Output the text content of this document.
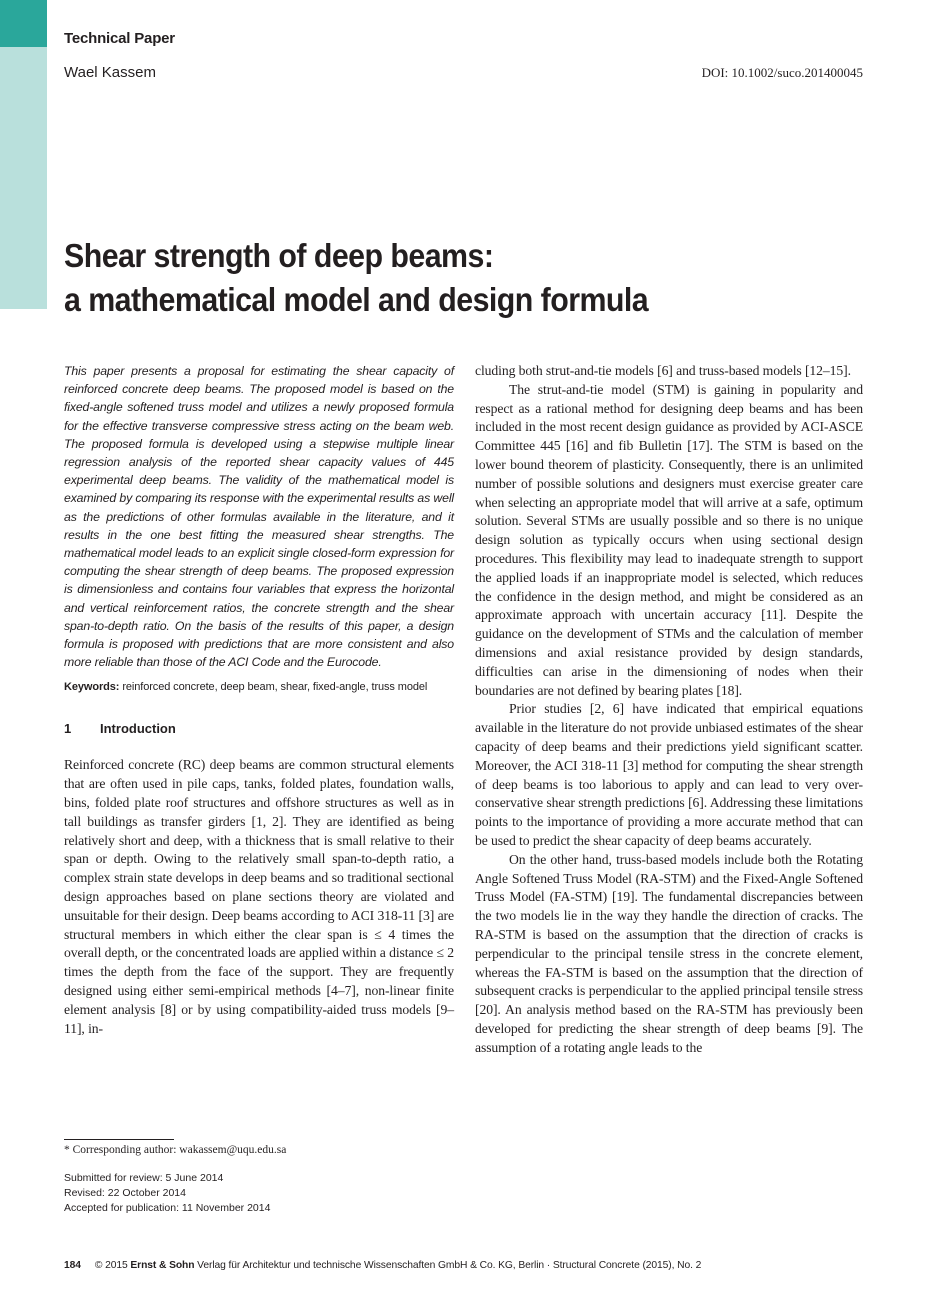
Technical Paper
Wael Kassem	DOI: 10.1002/suco.201400045
Shear strength of deep beams:
a mathematical model and design formula

This paper presents a proposal for estimating the shear capacity of reinforced concrete deep beams. The proposed model is based on the fixed-angle softened truss model and utilizes a newly proposed formula for the effective transverse compressive stress acting on the beam web. The proposed formula is developed using a stepwise multiple linear regression analysis of the reported shear capacity values of 445 experimental deep beams. The validity of the mathematical model is examined by comparing its response with the experimental results as well as the predictions of other formulas available in the literature, and it results in the one best fitting the measured shear strengths. The mathematical model leads to an explicit single closed-form expression for computing the shear strength of deep beams. The proposed expression is dimensionless and contains four variables that express the horizontal and vertical reinforcement ratios, the concrete strength and the shear span-to-depth ratio. On the basis of the results of this paper, a design formula is proposed with predictions that are more consistent and also more reliable than those of the ACI Code and the Eurocode.

Keywords: reinforced concrete, deep beam, shear, fixed-angle, truss model
1 Introduction

Reinforced concrete (RC) deep beams are common structural elements that are often used in pile caps, tanks, folded plates, foundation walls, bins, folded plate roof structures and offshore structures as well as in tall buildings as transfer girders [1, 2]. They are identified as being relatively short and deep, with a thickness that is small relative to their span or depth. Owing to the relatively small span-to-depth ratio, a complex strain state develops in deep beams and so traditional sectional design approaches based on plane sections theory are violated and unsuitable for their design. Deep beams according to ACI 318-11 [3] are structural members in which either the clear span is ≤ 4 times the overall depth, or the concentrated loads are applied within a distance ≤ 2 times the depth from the face of the support. They are frequently designed using either semi-empirical methods [4–7], non-linear finite element analysis [8] or by using compatibility-aided truss models [9–11], in-

cluding both strut-and-tie models [6] and truss-based models [12–15].

The strut-and-tie model (STM) is gaining in popularity and respect as a rational method for designing deep beams and has been included in the most recent design guidance as provided by ACI-ASCE Committee 445 [16] and fib Bulletin [17]. The STM is based on the lower bound theorem of plasticity. Consequently, there is an unlimited number of possible solutions and designers must exercise greater care when selecting an appropriate model that will arrive at a safe, optimum solution. Several STMs are usually possible and so there is no unique design solution as typically occurs when using sectional design procedures. This flexibility may lead to inadequate strength to support the applied loads if an inappropriate model is selected, which reduces the confidence in the design method, and might be considered as an approximate approach with uncertain accuracy [11]. Despite the guidance on the development of STMs and the calculation of member dimensions and axial resistance provided by design standards, difficulties can arise in the dimensioning of nodes when their boundaries are not defined by bearing plates [18].

Prior studies [2, 6] have indicated that empirical equations available in the literature do not provide unbiased estimates of the shear capacity of deep beams and their predictions yield significant scatter. Moreover, the ACI 318-11 [3] method for computing the shear strength of deep beams is too laborious to apply and can lead to very over-conservative shear strength predictions [6]. Addressing these limitations points to the importance of providing a more accurate method that can be used to predict the shear capacity of deep beams accurately.

On the other hand, truss-based models include both the Rotating Angle Softened Truss Model (RA-STM) and the Fixed-Angle Softened Truss Model (FA-STM) [19]. The fundamental discrepancies between the two models lie in the way they handle the direction of cracks. The RA-STM is based on the assumption that the direction of cracks is perpendicular to the principal tensile stress in the concrete element, whereas the FA-STM is based on the assumption that the direction of subsequent cracks is perpendicular to the applied principal tensile stress [20]. An analysis method based on the RA-STM has previously been developed for predicting the shear strength of deep beams [9]. The assumption of a rotating angle leads to the

* Corresponding author: wakassem@uqu.edu.sa
Submitted for review: 5 June 2014
Revised: 22 October 2014
Accepted for publication: 11 November 2014
184 © 2015 Ernst & Sohn Verlag für Architektur und technische Wissenschaften GmbH & Co. KG, Berlin · Structural Concrete (2015), No. 2
